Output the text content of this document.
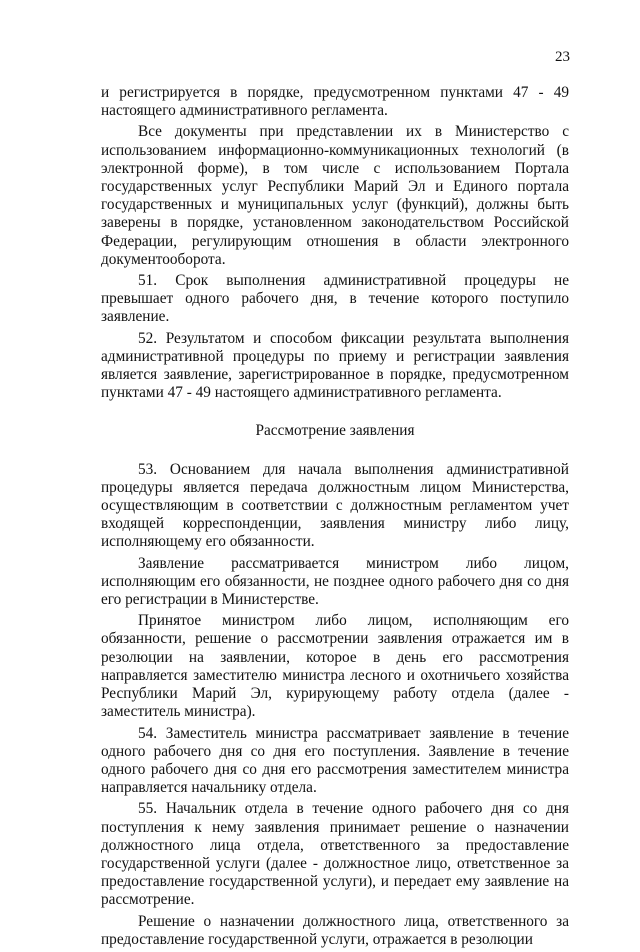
23

и регистрируется в порядке, предусмотренном пунктами 47 - 49 настоящего административного регламента.

Все документы при представлении их в Министерство с использованием информационно-коммуникационных технологий (в электронной форме), в том числе с использованием Портала государственных услуг Республики Марий Эл и Единого портала государственных и муниципальных услуг (функций), должны быть заверены в порядке, установленном законодательством Российской Федерации, регулирующим отношения в области электронного документооборота.

51. Срок выполнения административной процедуры не превышает одного рабочего дня, в течение которого поступило заявление.

52. Результатом и способом фиксации результата выполнения административной процедуры по приему и регистрации заявления является заявление, зарегистрированное в порядке, предусмотренном пунктами 47 - 49 настоящего административного регламента.

Рассмотрение заявления

53. Основанием для начала выполнения административной процедуры является передача должностным лицом Министерства, осуществляющим в соответствии с должностным регламентом учет входящей корреспонденции, заявления министру либо лицу, исполняющему его обязанности.

Заявление рассматривается министром либо лицом, исполняющим его обязанности, не позднее одного рабочего дня со дня его регистрации в Министерстве.

Принятое министром либо лицом, исполняющим его обязанности, решение о рассмотрении заявления отражается им в резолюции на заявлении, которое в день его рассмотрения направляется заместителю министра лесного и охотничьего хозяйства Республики Марий Эл, курирующему работу отдела (далее - заместитель министра).

54. Заместитель министра рассматривает заявление в течение одного рабочего дня со дня его поступления. Заявление в течение одного рабочего дня со дня его рассмотрения заместителем министра направляется начальнику отдела.

55. Начальник отдела в течение одного рабочего дня со дня поступления к нему заявления принимает решение о назначении должностного лица отдела, ответственного за предоставление государственной услуги (далее - должностное лицо, ответственное за предоставление государственной услуги), и передает ему заявление на рассмотрение.

Решение о назначении должностного лица, ответственного за предоставление государственной услуги, отражается в резолюции
